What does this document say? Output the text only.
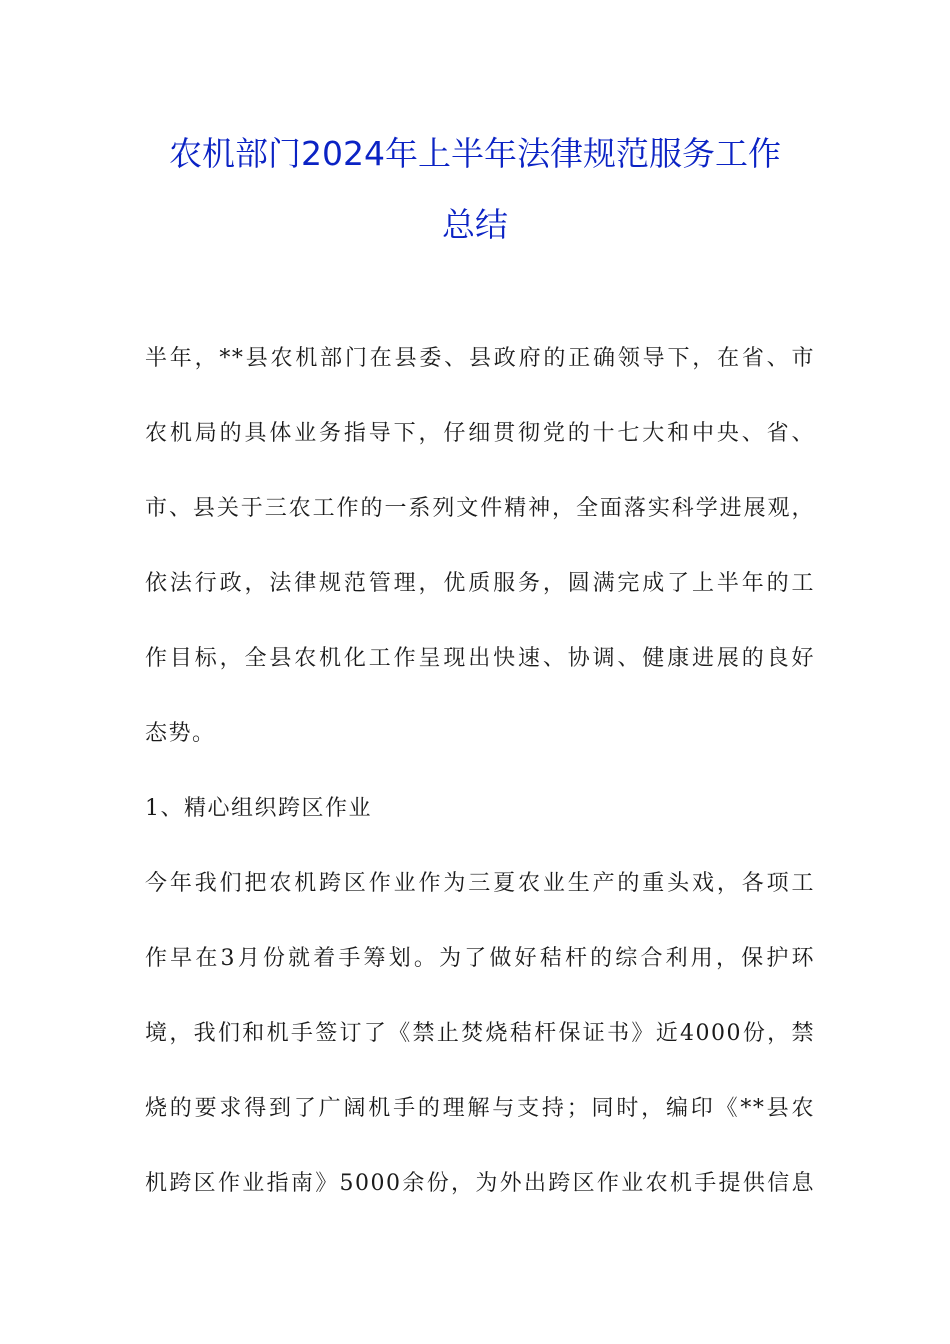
农机部门2024年上半年法律规范服务工作
总结
半年，**县农机部门在县委、县政府的正确领导下，在省、市
农机局的具体业务指导下，仔细贯彻党的十七大和中央、省、
市、县关于三农工作的一系列文件精神，全面落实科学进展观，
依法行政，法律规范管理，优质服务，圆满完成了上半年的工
作目标，全县农机化工作呈现出快速、协调、健康进展的良好
态势。
1、精心组织跨区作业
今年我们把农机跨区作业作为三夏农业生产的重头戏，各项工
作早在3月份就着手筹划。为了做好秸杆的综合利用，保护环
境，我们和机手签订了《禁止焚烧秸杆保证书》近4000份，禁
烧的要求得到了广阔机手的理解与支持；同时，编印《**县农
机跨区作业指南》5000余份，为外出跨区作业农机手提供信息
